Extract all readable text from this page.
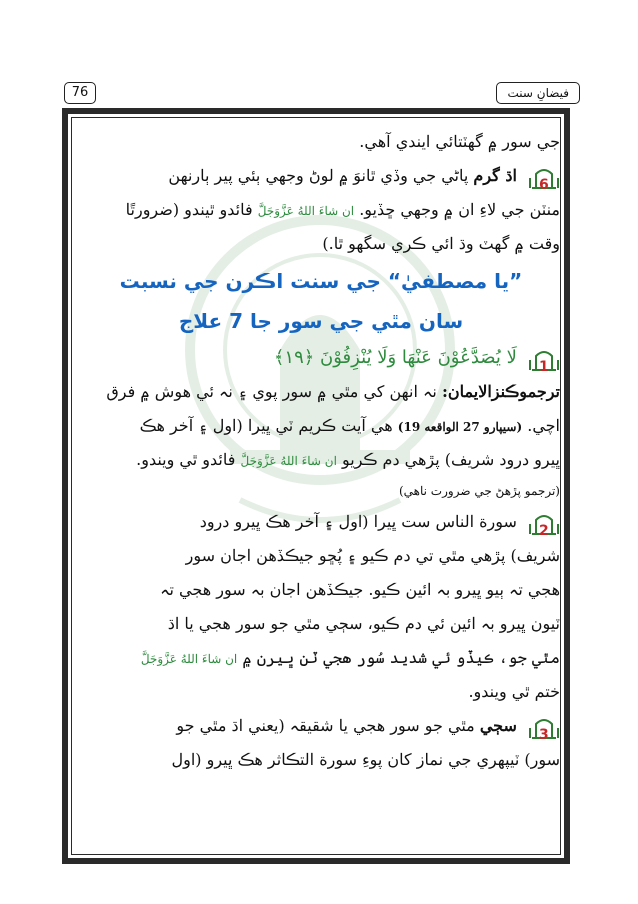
76	فيضانِ سنت
جي سور ۾ گهٽتائي ايندي آهي.
6
اڌ گرم پاڻي جي وڏي ٿانوَ ۾ لوڻ وجهي ٻئي پير ٻارنهن
منٽن جي لاءِ ان ۾ وجهي ڇڏيو. ان شاءَ اللهُ عَزَّوَجَلَّ فائدو ٿيندو (ضرورتًا
وقت ۾ گهٽ وڌ ائي ڪري سگهو ٿا.)
”يا مصطفيٰ“ جي سنت اڪرن جي نسبت
سان مٿي جي سور جا 7 علاج
1
لَا يُصَدَّعُوْنَ عَنْهَا وَلَا يُنْزِفُوْنَ ﴿۱۹﴾
ترجموڪنزالايمان: نہ انهن کي مٿي ۾ سور پوي ۽ نہ ئي هوش ۾ فرق
اچي. (سيپارو 27 الواقعه 19) هي آيت ڪريم ٽي ڀيرا (اول ۽ آخر هڪ
ڀيرو درود شريف) پڙهي دم ڪريو ان شاءَ اللهُ عَزَّوَجَلَّ فائدو ٿي ويندو.
(ترجمو پڙهڻ جي ضرورت ناهي)
2
سورة الناس ست ڀيرا (اول ۽ آخر هڪ ڀيرو درود
شريف) پڙهي مٿي تي دم ڪيو ۽ پُڇو جيڪڏهن اجان سور
هجي تہ ٻيو ڀيرو بہ ائين ڪيو. جيڪڏهن اجان بہ سور هجي تہ
ٽيون ڀيرو بہ ائين ئي دم ڪيو، سڄي مٿي جو سور هجي يا اڌ
مٿي جو، ڪيڏو ئي شديد سُور هجي ٽن ڀيرن ۾ ان شاءَ اللهُ عَزَّوَجَلَّ
ختم ٿي ويندو.
3
سڄي مٿي جو سور هجي يا شقيقہ (يعني اڌ مٿي جو
سور) ٽيپهري جي نماز کان پوءِ سورة التڪاثر هڪ ڀيرو (اول
